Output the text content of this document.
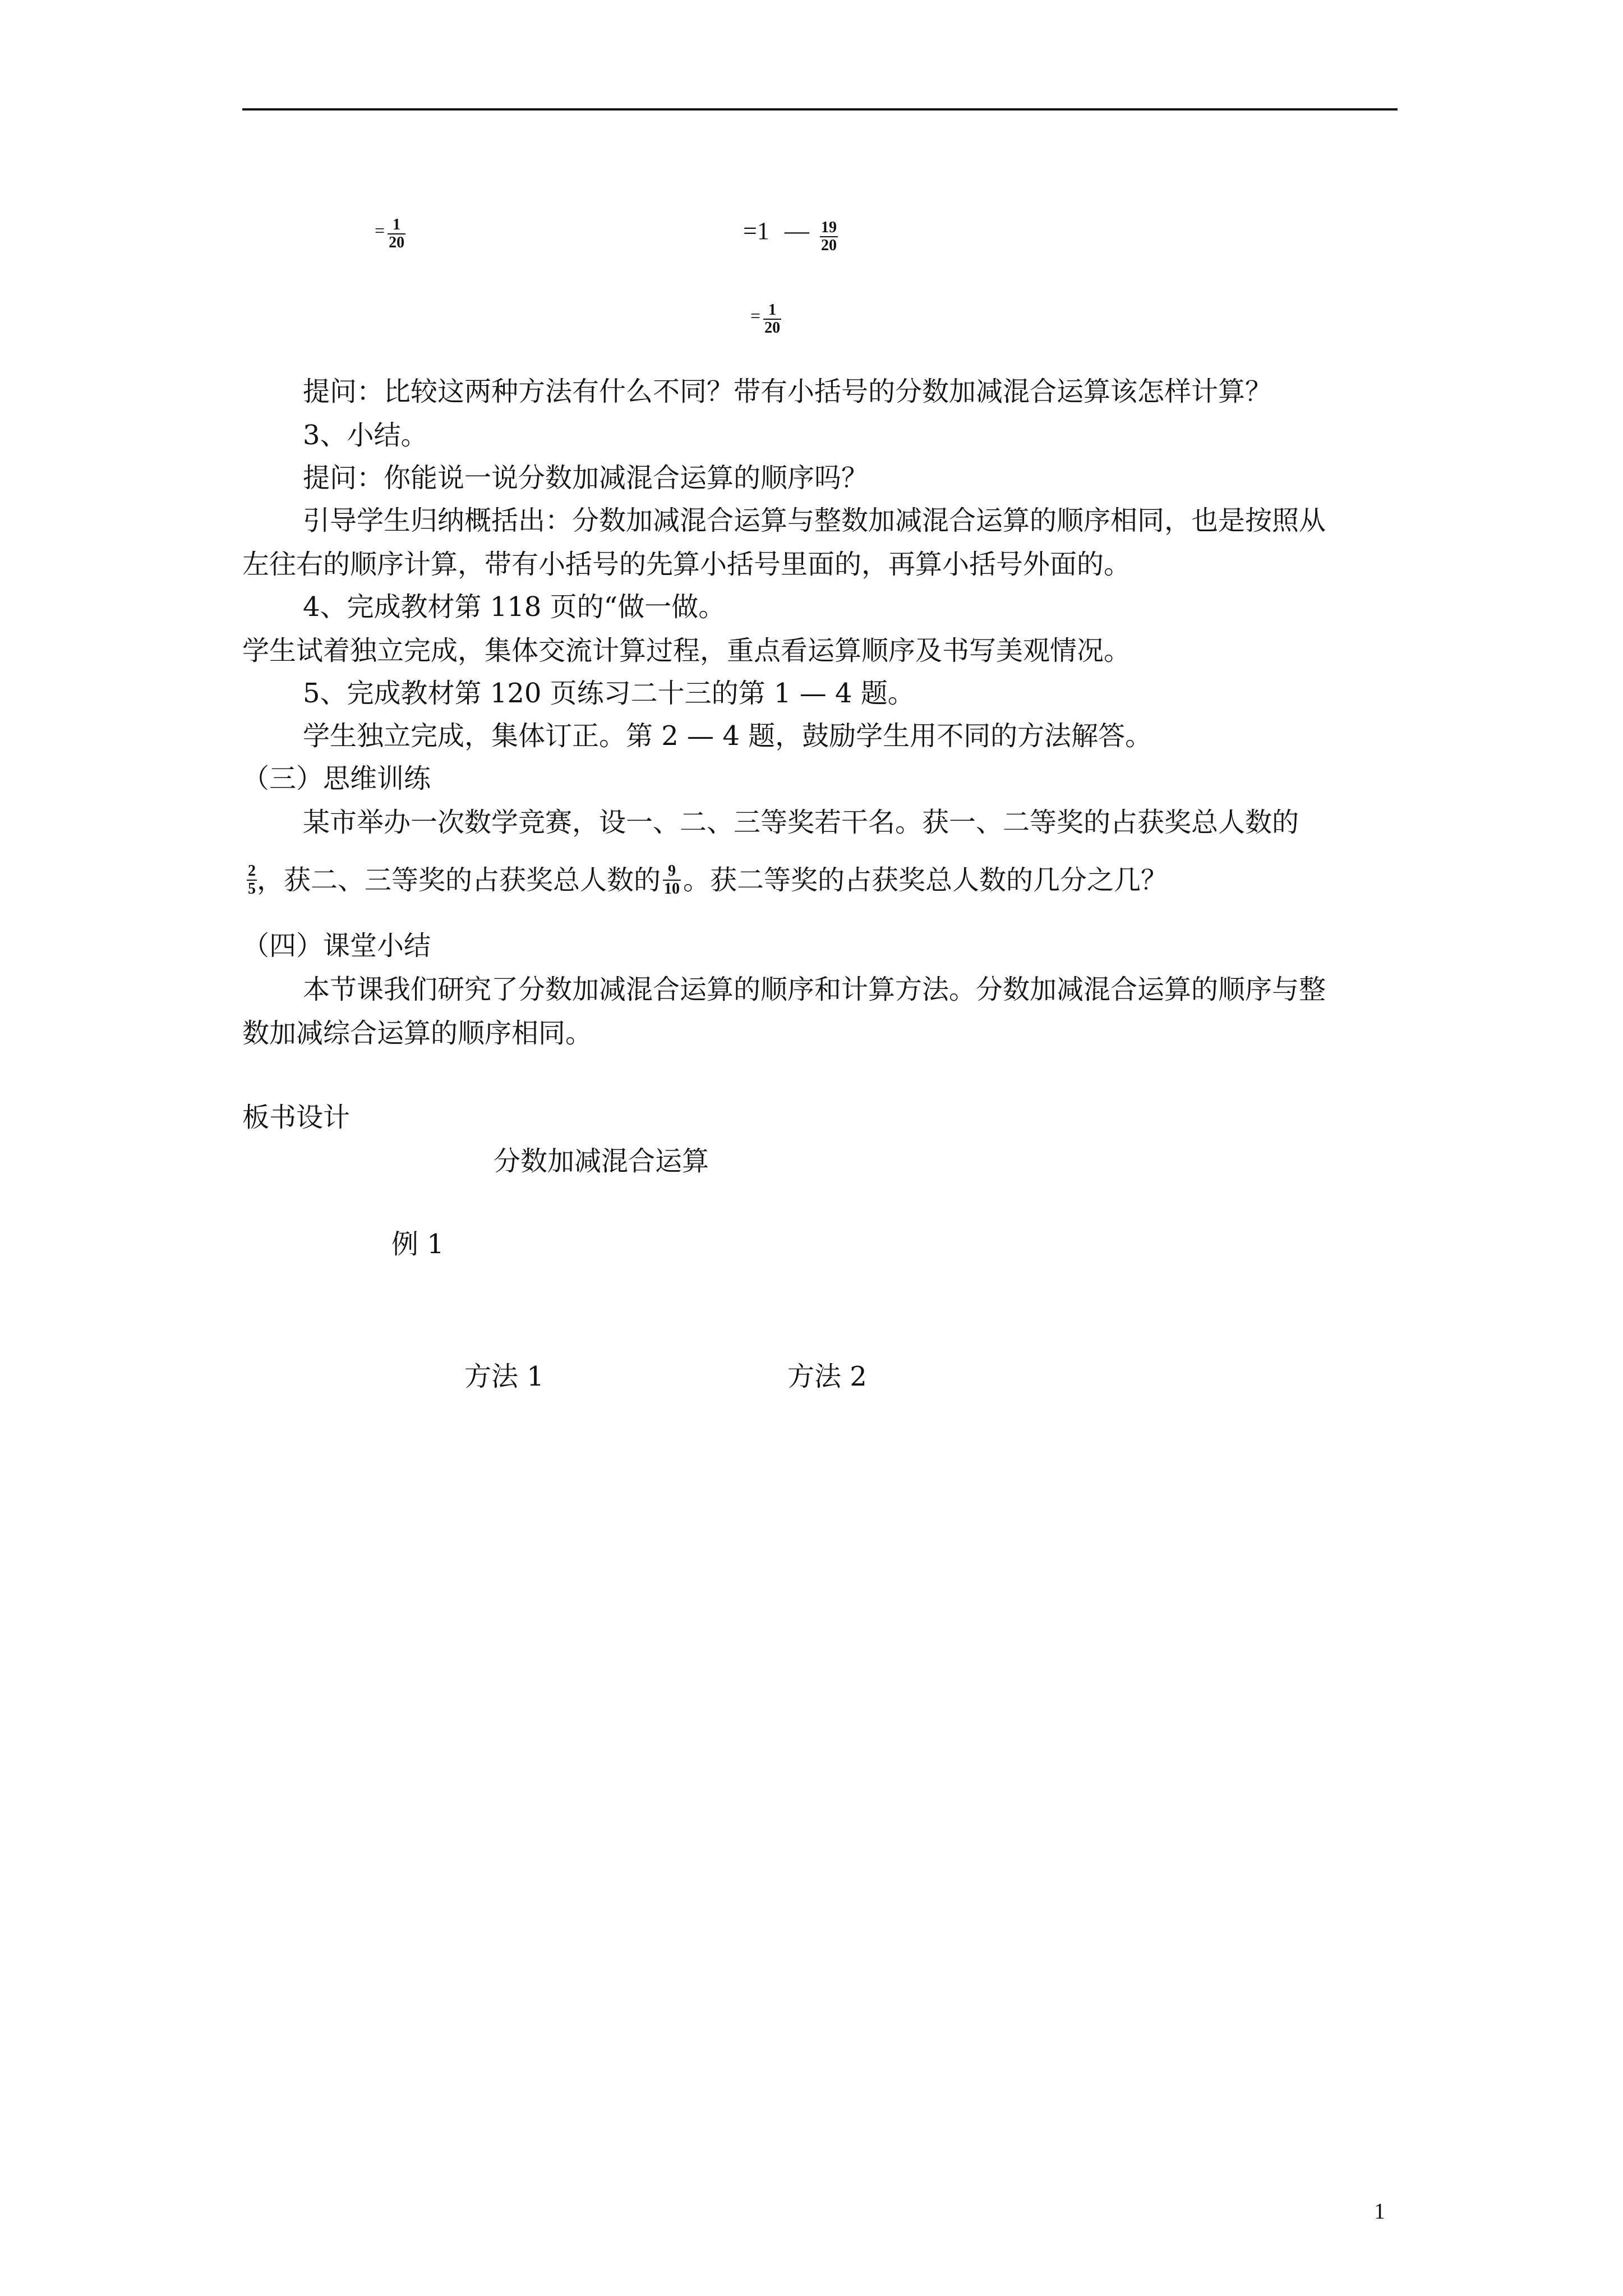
= $\frac{1}{20}$	=1 — $\frac{19}{20}$
= $\frac{1}{20}$
提问：比较这两种方法有什么不同？带有小括号的分数加减混合运算该怎样计算？
3、小结。
提问：你能说一说分数加减混合运算的顺序吗？
引导学生归纳概括出：分数加减混合运算与整数加减混合运算的顺序相同，也是按照从
左往右的顺序计算，带有小括号的先算小括号里面的，再算小括号外面的。
4、完成教材第 118 页的“做一做。
学生试着独立完成，集体交流计算过程，重点看运算顺序及书写美观情况。
5、完成教材第 120 页练习二十三的第 1 — 4 题。
学生独立完成，集体订正。第 2 — 4 题，鼓励学生用不同的方法解答。
（三）思维训练
某市举办一次数学竞赛，设一、二、三等奖若干名。获一、二等奖的占获奖总人数的
$\frac{2}{5}$ ，获二、三等奖的占获奖总人数的 $\frac{9}{10}$ 。获二等奖的占获奖总人数的几分之几？
（四）课堂小结
本节课我们研究了分数加减混合运算的顺序和计算方法。分数加减混合运算的顺序与整
数加减综合运算的顺序相同。
板书设计
分数加减混合运算
例 1
方法 1	方法 2
1
